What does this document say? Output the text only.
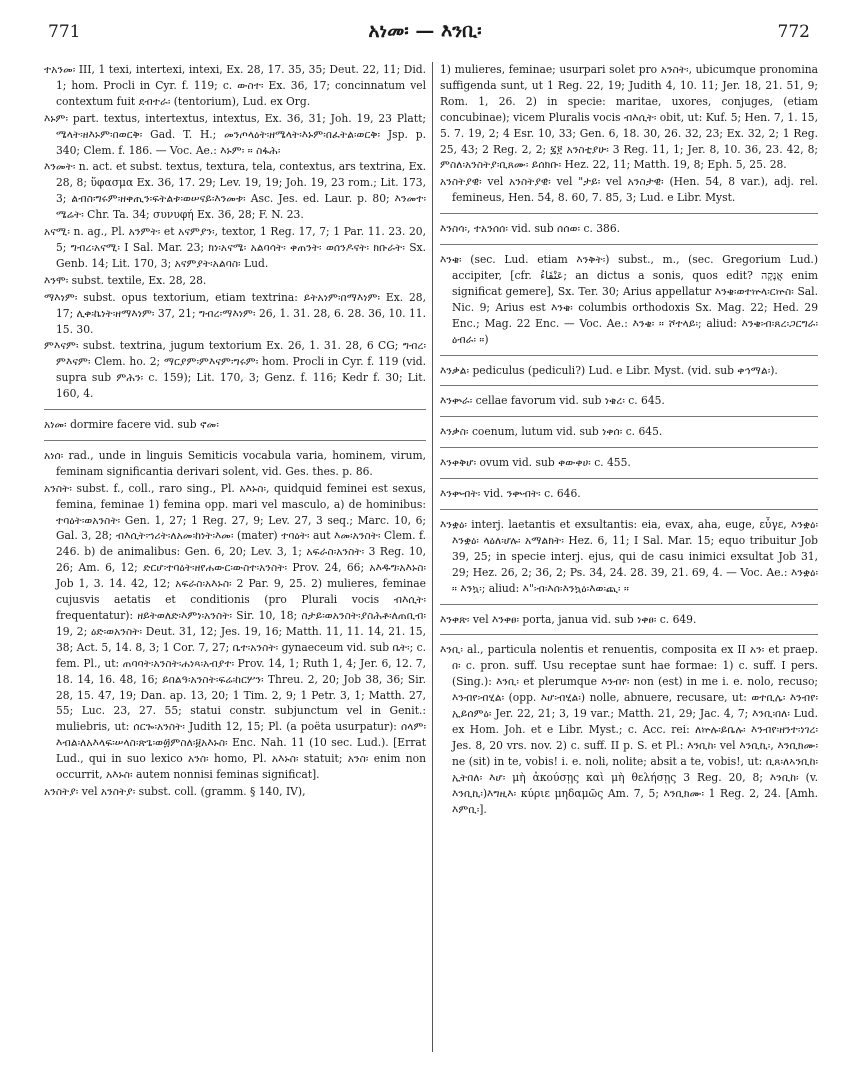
771	አነመ፡ — እንቢ፡	772

ተአንመ፡ III, 1 texi, intertexi, intexi, Ex. 28, 17. 35, 35; Deut. 22, 11; Did. 1; hom. Procli in Cyr. f. 119; c. ውስተ፡ Ex. 36, 17; concinnatum vel contextum fuit ደብተራ፡ (tentorium), Lud. ex Org.

እኑም፡ part. textus, intertextus, intextus, Ex. 36, 31; Joh. 19, 23 Platt; ሜላት፡ዘእኑም፡በወርቅ፡ Gad. T. H.; መንጦላዕት፡ዘሜላት፡እኑም፡በፈትል፡ወርቅ፡ Jsp. p. 340; Clem. f. 186. — Voc. Ae.: እኑም፡ ። ስፋሕ፡

እንመት፡ n. act. et subst. textus, textura, tela, contextus, ars textrina, Ex. 28, 8; ὕφασμα Ex. 36, 17. 29; Lev. 19, 19; Joh. 19, 23 rom.; Lit. 173, 3; ልብስ፡ግሩም፡ዘቀጢን፡ፍትልቱ፡ወሠናይ፡እንመቱ፡ Asc. Jes. ed. Laur. p. 80; እንመተ፡ሜሬት፡ Chr. Ta. 34; συνυφή Ex. 36, 28; F. N. 23.

አናሚ፡ n. ag., Pl. አንምት፡ et አናምያን፡, textor, 1 Reg. 17, 7; 1 Par. 11. 23. 20, 5; ግብረ፡አናሚ፡ I Sal. Mar. 23; ክነ፡አናሜ፡ አልባሳት፡ ቀጠንት፡ ወሰንዶናት፡ ክቡራት፡ Sx. Genb. 14; Lit. 170, 3; አናምያት፡አልባስ፡ Lud.

እንሞ፡ subst. textile, Ex. 28, 28.

ማእነም፡ subst. opus textorium, etiam textrina: ይትአነም፡በማእነም፡ Ex. 28, 17; ሊቀ፡ኬነት፡ዘማእነም፡ 37, 21; ግብረ፡ማእነም፡ 26, 1. 31. 28, 6. 28. 36, 10. 11. 15. 30.

ምእናም፡ subst. textrina, jugum textorium Ex. 26, 1. 31. 28, 6 CG; ግብረ፡ምእናም፡ Clem. ho. 2; ማርያም፡ምእናም፡ግሩም፡ hom. Procli in Cyr. f. 119 (vid. supra sub ምሕን፡ c. 159); Lit. 170, 3; Genz. f. 116; Kedr f. 30; Lit. 160, 4.

አነመ፡ dormire facere vid. sub ኖመ፡

አነሰ፡ rad., unde in linguis Semiticis vocabula varia, hominem, virum, feminam significantia derivari solent, vid. Ges. thes. p. 86.

አንስት፡ subst. f., coll., raro sing., Pl. አእኑስ፡, quidquid feminei est sexus, femina, feminae 1) femina opp. mari vel masculo, a) de hominibus: ተባዕት፡ወአንስት፡ Gen. 1, 27; 1 Reg. 27, 9; Lev. 27, 3 seq.; Marc. 10, 6; Gal. 3, 28; ብእሲት፡ኀሪት፡ለአመ፡ከነት፡እመ፡ (mater) ተባዕት፡ aut እመ፡አንስት፡ Clem. f. 246. b) de animalibus: Gen. 6, 20; Lev. 3, 1; አፍራስ፡አንስት፡ 3 Reg. 10, 26; Am. 6, 12; ድርሆ፡ተባዕት፡ዘየሐውር፡ውስተ፡አንስት፡ Prov. 24, 66; አእዱግ፡አእኑስ፡ Job 1, 3. 14. 42, 12; አፍራስ፡አእኑስ፡ 2 Par. 9, 25. 2) mulieres, feminae cujusvis aetatis et conditionis (pro Plurali vocis ብእሲት፡ frequentatur): ዘይትወለድ፡እምነ፡አንስት፡ Sir. 10, 18; ስታይ፡ወአንስት፡ያስሕቶ፡ለጠቢብ፡ 19, 2; ዕድ፡ወአንስት፡ Deut. 31, 12; Jes. 19, 16; Matth. 11, 11. 14, 21. 15, 38; Act. 5, 14. 8, 3; 1 Cor. 7, 27; ቤተ፡አንስት፡ gynaeceum vid. sub ቤት፡; c. fem. Pl., ut: ጠባባት፡አንስት፡ሐነጻ፡አብያተ፡ Prov. 14, 1; Ruth 1, 4; Jer. 6, 12. 7, 18. 14, 16. 48, 16; ይበልዓ፡አንስት፡ፍሬ፡ከርሦን፡ Threu. 2, 20; Job 38, 36; Sir. 28, 15. 47, 19; Dan. ap. 13, 20; 1 Tim. 2, 9; 1 Petr. 3, 1; Matth. 27, 55; Luc. 23, 27. 55; statui constr. subjunctum vel in Genit.: muliebris, ut: ሰርጐ፡አንስት፡ Judith 12, 15; Pl. (a poëta usurpatur): ሰላም፡እብል፡ለአእላፍ፡ሠላስ፡ጽጌ፡ወ፴ምስለ፡፱አእኑስ፡ Enc. Nah. 11 (10 sec. Lud.). [Errat Lud., qui in suo lexico አንስ፡ homo, Pl. አእኑስ፡ statuit; አንስ፡ enim non occurrit, አእኑስ፡ autem nonnisi feminas significat].

አንስትያ፡ vel አንስትያ፡ subst. coll. (gramm. § 140, IV),

1) mulieres, feminae; usurpari solet pro አንስት፡, ubicumque pronomina suffigenda sunt, ut 1 Reg. 22, 19; Judith 4, 10. 11; Jer. 18, 21. 51, 9; Rom. 1, 26. 2) in specie: maritae, uxores, conjuges, (etiam concubinae); vicem Pluralis vocis ብእሲት፡ obit, ut: Kuf. 5; Hen. 7, 1. 15, 5. 7. 19, 2; 4 Esr. 10, 33; Gen. 6, 18. 30, 26. 32, 23; Ex. 32, 2; 1 Reg. 25, 43; 2 Reg. 2, 2; ፯፻ አንስቲያሁ፡ 3 Reg. 11, 1; Jer. 8, 10. 36, 23. 42, 8; ምስለ፡አንስትያ፡ቢጸሙ፡ ይሰክቡ፡ Hez. 22, 11; Matth. 19, 8; Eph. 5, 25. 28.

አንስትያዊ፡ vel አንስትያዊ፡ vel "ታይ፡ vel አንስታዊ፡ (Hen. 54, 8 var.), adj. rel. femineus, Hen. 54, 8. 60, 7. 85, 3; Lud. e Libr. Myst.

እንስሳ፡, ተአንሰሰ፡ vid. sub ሰሰወ፡ c. 386.

እንቄ፡ (sec. Lud. etiam እንቅት፡) subst., m., (sec. Gregorium Lud.) accipiter, [cfr. عَنْقَاءُ; an dictus a sonis, quos edit? אֲנָקָה enim significat gemere], Sx. Ter. 30; Arius appellatur እንቄ፡ወተኵላ፡ርኵስ፡ Sal. Nic. 9; Arius est እንቄ፡ columbis orthodoxis Sx. Mag. 22; Hed. 29 Enc.; Mag. 22 Enc. — Voc. Ae.: እንቄ፡ ። ሾተላይ፡; aliud: እንቄ፡ብ፡ጸረ፡ጋርግራ፡ዕብራ፡ ።)

እንቃል፡ pediculus (pediculi?) Lud. e Libr. Myst. (vid. sub ቀኅማል፡).

እንቍራ፡ cellae favorum vid. sub ነቄረ፡ c. 645.

እንቃስ፡ coenum, lutum vid. sub ነቀሰ፡ c. 645.

እንቀቅሆ፡ ovum vid. sub ቀውቀሀ፡ c. 455.

እንቍብት፡ vid. ንቍብት፡ c. 646.

እንቋዕ፡ interj. laetantis et exsultantis: eia, evax, aha, euge, εὖγε, እንቋዕ፡እንቋዕ፡ ላዕለ፡ሆሉ፡ አማልክት፡ Hez. 6, 11; I Sal. Mar. 15; equo tribuitur Job 39, 25; in specie interj. ejus, qui de casu inimici exsultat Job 31, 29; Hez. 26, 2; 36, 2; Ps. 34, 24. 28. 39, 21. 69, 4. — Voc. Ae.: እንቋዕ፡ ። እንኳ፡; aliud: እ"፡ብ፡እሰ፡እንኳዕ፡እወ፡ጪ፡ ።

እንቀጽ፡ vel እንቀፀ፡ porta, janua vid. sub ነቀፀ፡ c. 649.

እንቢ፡ al., particula nolentis et renuentis, composita ex II አን፡ et praep. በ፡ c. pron. suff. Usu receptae sunt hae formae: 1) c. suff. I pers. (Sing.): እንቢ፡ et plerumque እንብየ፡ non (est) in me i. e. nolo, recuso; እንብየ፡ብሂል፡ (opp. እሆ፡ብሂል፡) nolle, abnuere, recusare, ut: ወተቢሌ፡ እንብየ፡ ኢይሰምዕ፡ Jer. 22, 21; 3, 19 var.; Matth. 21, 29; Jac. 4, 7; እንቢ፡በለ፡ Lud. ex Hom. Joh. et e Libr. Myst.; c. Acc. rei: ለኵሉ፡ይቤሉ፡ እንብየ፡ዘንተ፡ነገረ፡ Jes. 8, 20 vrs. nov. 2) c. suff. II p. S. et Pl.: እንቢከ፡ vel እንቢኪ፡, እንቢክሙ፡ ne (sit) in te, vobis! i. e. noli, nolite; absit a te, vobis!, ut: ቢጸ፡ለኣንቢከ፡ኢትበለ፡ እሆ፡ μὴ ἀκούσῃς καὶ μὴ θελήσῃς 3 Reg. 20, 8; እንቢከ፡ (v. እንቢኪ፡)እግዚእ፡ κύριε μηδαμῶς Am. 7, 5; እንቢክሙ፡ 1 Reg. 2, 24. [Amh. እምቢ፡].
